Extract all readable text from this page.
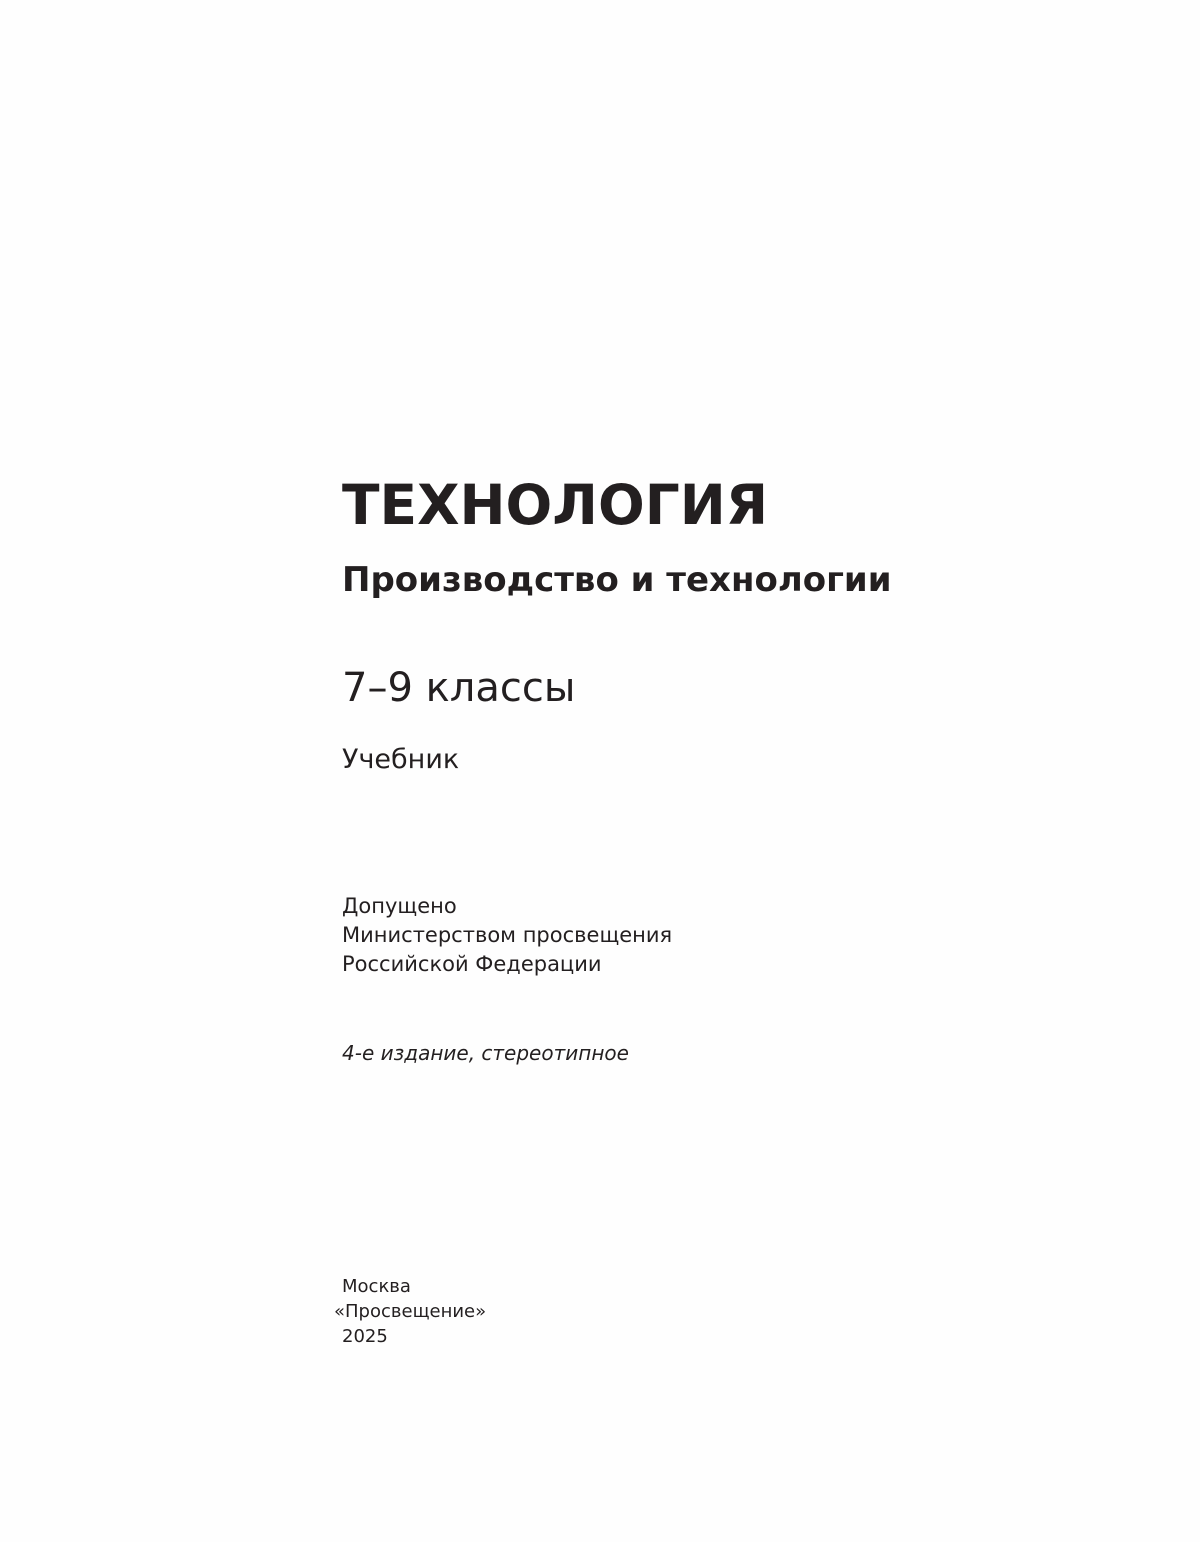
ТЕХНОЛОГИЯ
Производство и технологии
7–9 классы
Учебник
Допущено
Министерством просвещения
Российской Федерации
4-е издание, стереотипное
Москва
«Просвещение»
2025
